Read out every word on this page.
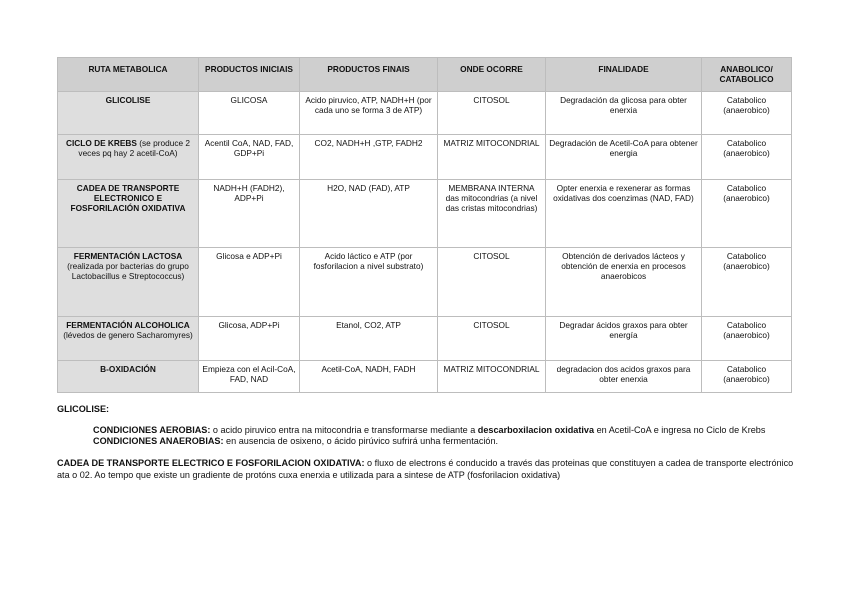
RUTA METABOLICA	PRODUCTOS INICIAIS	PRODUCTOS FINAIS	ONDE OCORRE	FINALIDADE	ANABOLICO/ CATABOLICO
GLICOLISE	GLICOSA	Acido piruvico, ATP, NADH+H (por cada uno se forma 3 de ATP)	CITOSOL	Degradación da glicosa para obter enerxia	Catabolico (anaerobico)
CICLO DE KREBS (se produce 2 veces pq hay 2 acetil-CoA)	Acentil CoA, NAD, FAD, GDP+Pi	CO2, NADH+H ,GTP, FADH2	MATRIZ MITOCONDRIAL	Degradación de Acetil-CoA para obtener energia	Catabolico (anaerobico)
CADEA DE TRANSPORTE ELECTRONICO E FOSFORILACIÓN OXIDATIVA	NADH+H (FADH2), ADP+Pi	H2O, NAD (FAD), ATP	MEMBRANA INTERNA das mitocondrias (a nivel das cristas mitocondrias)	Opter enerxia e rexenerar as formas oxidativas dos coenzimas (NAD, FAD)	Catabolico (anaerobico)
FERMENTACIÓN LACTOSA (realizada por bacterias do grupo Lactobacillus e Streptococcus)	Glicosa e ADP+Pi	Acido láctico e ATP (por fosforilacion a nivel substrato)	CITOSOL	Obtención de derivados lácteos y obtención de enerxia en procesos anaerobicos	Catabolico (anaerobico)
FERMENTACIÓN ALCOHOLICA (lévedos de genero Sacharomyres)	Glicosa, ADP+Pi	Etanol, CO2, ATP	CITOSOL	Degradar ácidos graxos para obter energía	Catabolico (anaerobico)
B-OXIDACIÓN	Empieza con el Acil-CoA, FAD, NAD	Acetil-CoA, NADH, FADH	MATRIZ MITOCONDRIAL	degradacion dos acidos graxos para obter enerxia	Catabolico (anaerobico)

GLICOLISE:

CONDICIONES AEROBIAS: o acido piruvico entra na mitocondria e transformarse mediante a descarboxilacion oxidativa en Acetil-CoA e ingresa no Ciclo de Krebs

CONDICIONES ANAEROBIAS: en ausencia de osixeno, o ácido pirúvico sufrirá unha fermentación.

CADEA DE TRANSPORTE ELECTRICO E FOSFORILACION OXIDATIVA: o fluxo de electrons é conducido a través das proteinas que constituyen a cadea de transporte electrónico ata o 02. Ao tempo que existe un gradiente de protóns cuxa enerxia e utilizada para a sintese de ATP (fosforilacion oxidativa)
